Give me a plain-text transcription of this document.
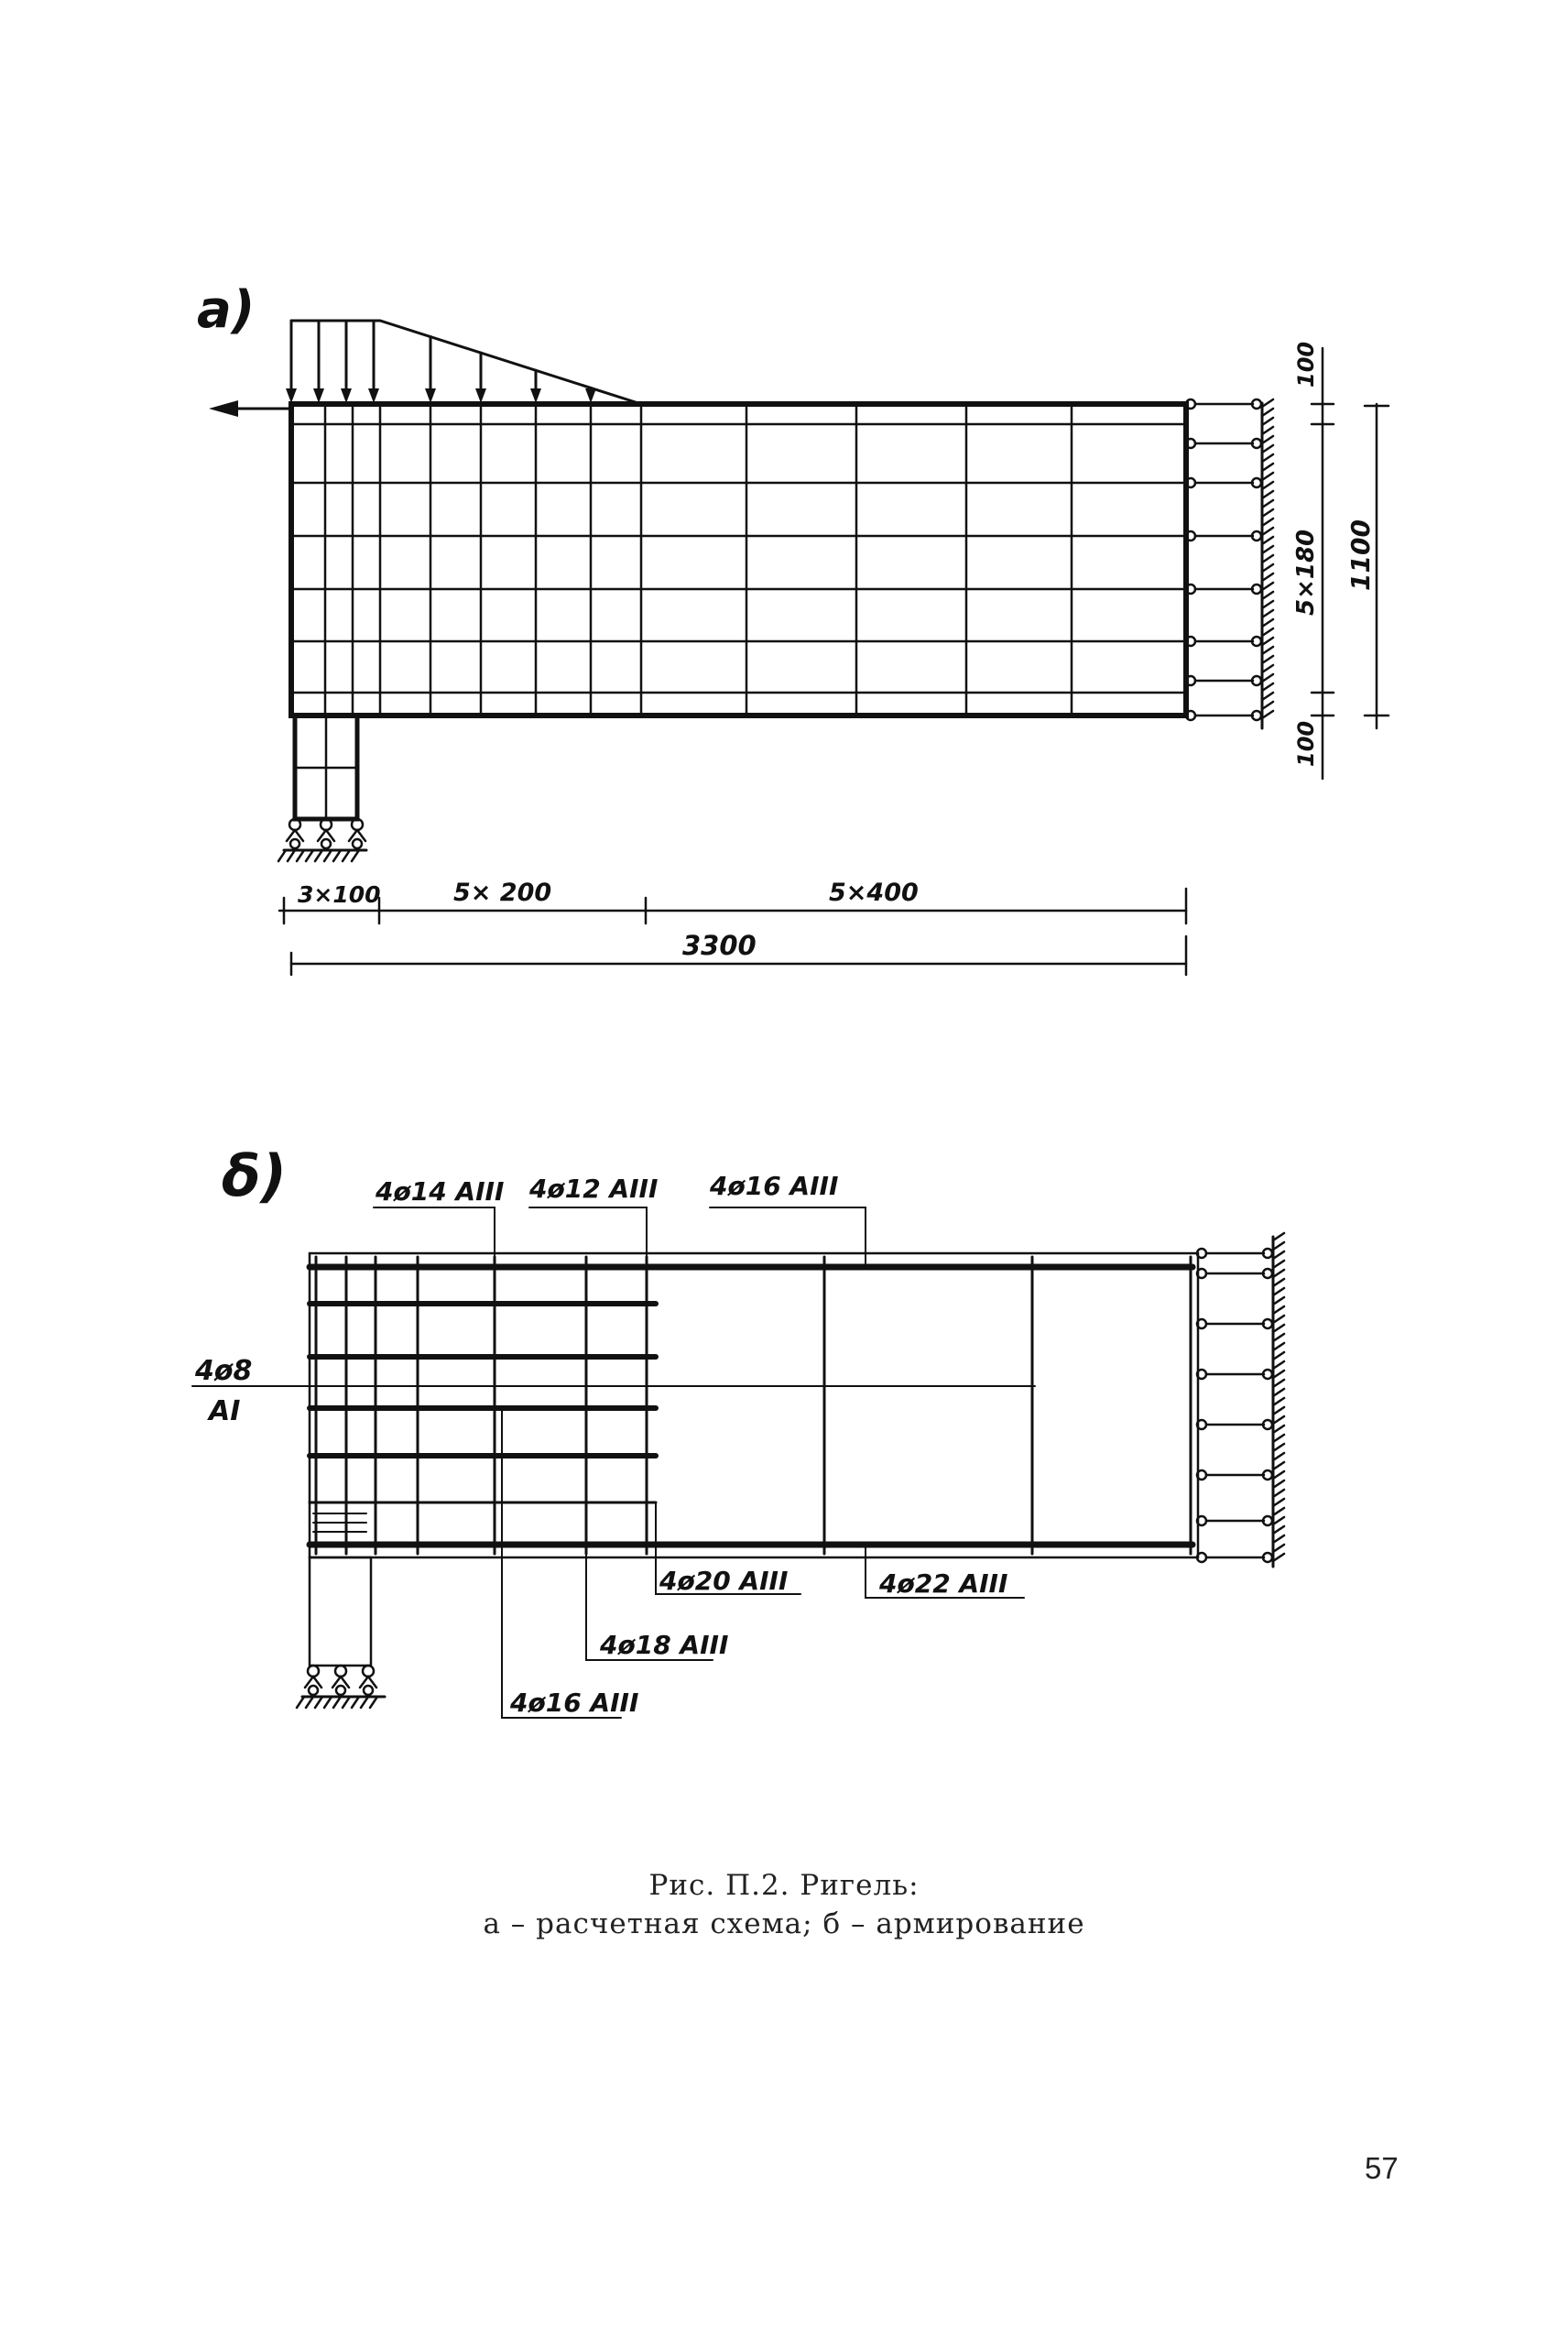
a)
3×100	5× 200	5×400
3300
100
5×180 1100
100
δ)	4ø14 AIII 4ø12 AIII 4ø16 AIII
4ø8
AI
4ø20 AIII	4ø22 AIII
4ø18 AIII
4ø16 AIII
Рис. П.2. Ригель:
а – расчетная схема; б – армирование
57
